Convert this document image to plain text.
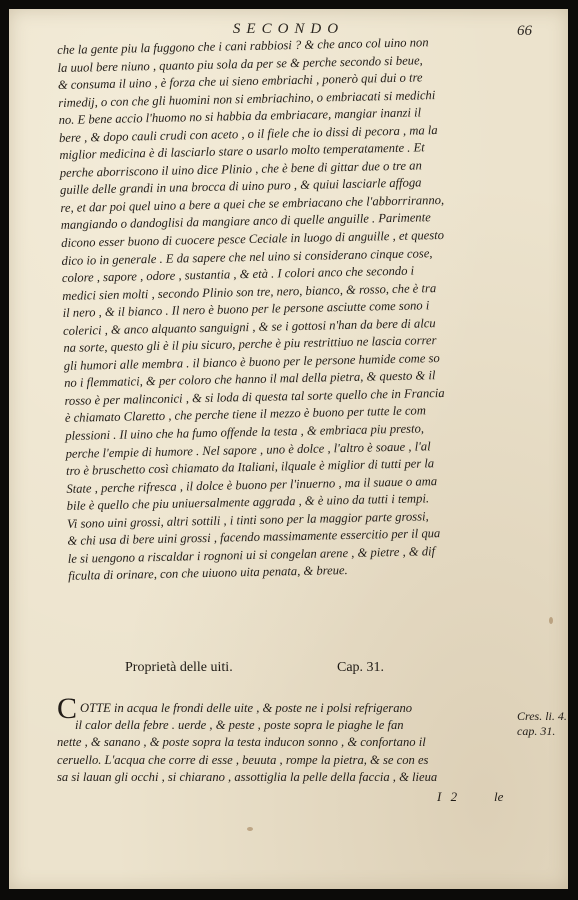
SECONDO	66
che la gente piu la fuggono che i cani rabbiosi ? & che anco col uino non
la uuol bere niuno , quanto piu sola da per se & perche secondo si beue,
& consuma il uino , è forza che ui sieno embriachi , ponerò qui dui o tre
rimedij, o con che gli huomini non si embriachino, o embriacati si medichi
no. E bene accio l'huomo no si habbia da embriacare, mangiar inanzi il
bere , & dopo cauli crudi con aceto , o il fiele che io dissi di pecora , ma la
miglior medicina è di lasciarlo stare o usarlo molto temperatamente . Et
perche aborriscono il uino dice Plinio , che è bene di gittar due o tre an
guille delle grandi in una brocca di uino puro , & quiui lasciarle affoga
re, et dar poi quel uino a bere a quei che se embriacano che l'abborriranno,
mangiando o dandoglisi da mangiare anco di quelle anguille . Parimente
dicono esser buono di cuocere pesce Ceciale in luogo di anguille , et questo
dico io in generale . E da sapere che nel uino si considerano cinque cose,
colore , sapore , odore , sustantia , & età . I colori anco che secondo i
medici sien molti , secondo Plinio son tre, nero, bianco, & rosso, che è tra
il nero , & il bianco . Il nero è buono per le persone asciutte come sono i
colerici , & anco alquanto sanguigni , & se i gottosi n'han da bere di alcu
na sorte, questo gli è il piu sicuro, perche è piu restrittiuo ne lascia correr
gli humori alle membra . il bianco è buono per le persone humide come so
no i flemmatici, & per coloro che hanno il mal della pietra, & questo & il
rosso è per malinconici , & si loda di questa tal sorte quello che in Francia
è chiamato Claretto , che perche tiene il mezzo è buono per tutte le com
plessioni . Il uino che ha fumo offende la testa , & embriaca piu presto,
perche l'empie di humore . Nel sapore , uno è dolce , l'altro è soaue , l'al
tro è bruschetto così chiamato da Italiani, ilquale è miglior di tutti per la
State , perche rifresca , il dolce è buono per l'inuerno , ma il suaue o ama
bile è quello che piu uniuersalmente aggrada , & è uino da tutti i tempi.
Vi sono uini grossi, altri sottili , i tinti sono per la maggior parte grossi,
& chi usa di bere uini grossi , facendo massimamente essercitio per il qua
le si uengono a riscaldar i rognoni ui si congelan arene , & pietre , & dif
ficulta di orinare, con che uiuono uita penata, & breue.
Proprietà delle uiti.	Cap. 31.
COTTE in acqua le frondi delle uite , & poste ne i polsi refrigerano
il calor della febre . uerde , & peste , poste sopra le piaghe le fan
nette , & sanano , & poste sopra la testa inducon sonno , & confortano il
ceruello. L'acqua che corre di esse , beuuta , rompe la pietra, & se con es
sa si lauan gli occhi , si chiarano , assottiglia la pelle della faccia , & lieua
Cres. li. 4.
cap. 31.
I 2	le
